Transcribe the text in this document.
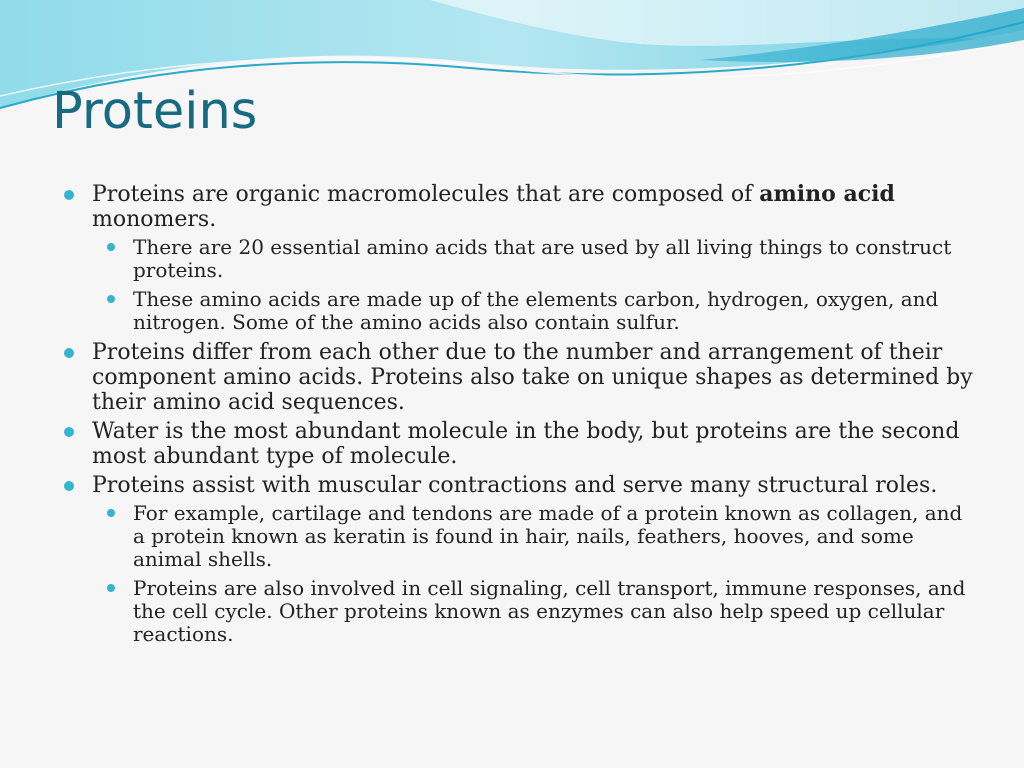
Proteins
Proteins are organic macromolecules that are composed of amino acid monomers.
There are 20 essential amino acids that are used by all living things to construct proteins.
These amino acids are made up of the elements carbon, hydrogen, oxygen, and nitrogen. Some of the amino acids also contain sulfur.
Proteins differ from each other due to the number and arrangement of their component amino acids. Proteins also take on unique shapes as determined by their amino acid sequences.
Water is the most abundant molecule in the body, but proteins are the second most abundant type of molecule.
Proteins assist with muscular contractions and serve many structural roles.
For example, cartilage and tendons are made of a protein known as collagen, and a protein known as keratin is found in hair, nails, feathers, hooves, and some animal shells.
Proteins are also involved in cell signaling, cell transport, immune responses, and the cell cycle. Other proteins known as enzymes can also help speed up cellular reactions.
